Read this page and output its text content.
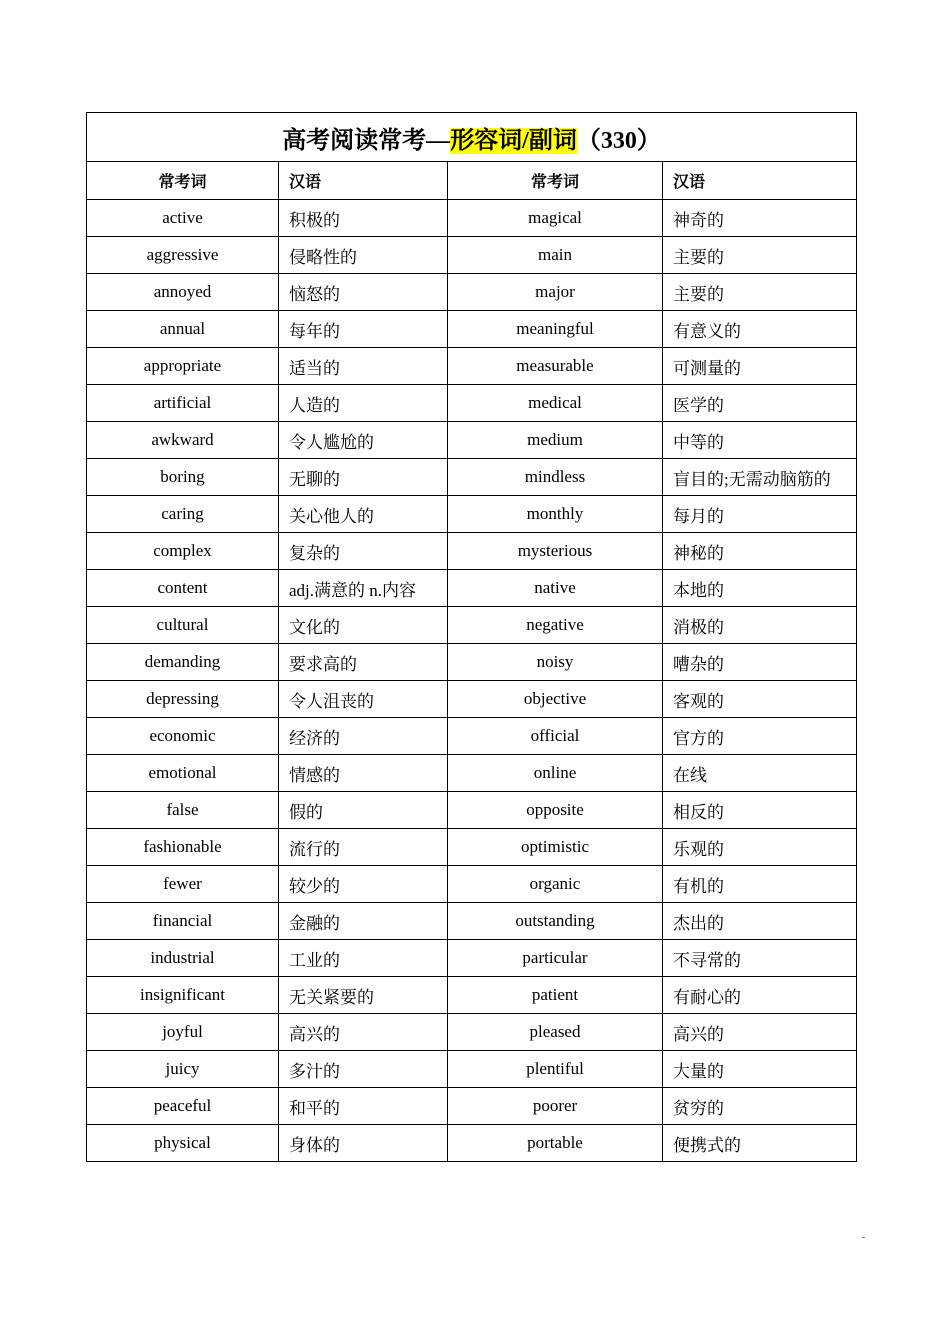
高考阅读常考—形容词/副词（330）			
常考词	汉语	常考词	汉语
active	积极的	magical	神奇的
aggressive	侵略性的	main	主要的
annoyed	恼怒的	major	主要的
annual	每年的	meaningful	有意义的
appropriate	适当的	measurable	可测量的
artificial	人造的	medical	医学的
awkward	令人尴尬的	medium	中等的
boring	无聊的	mindless	盲目的;无需动脑筋的
caring	关心他人的	monthly	每月的
complex	复杂的	mysterious	神秘的
content	adj.满意的 n.内容	native	本地的
cultural	文化的	negative	消极的
demanding	要求高的	noisy	嘈杂的
depressing	令人沮丧的	objective	客观的
economic	经济的	official	官方的
emotional	情感的	online	在线
false	假的	opposite	相反的
fashionable	流行的	optimistic	乐观的
fewer	较少的	organic	有机的
financial	金融的	outstanding	杰出的
industrial	工业的	particular	不寻常的
insignificant	无关紧要的	patient	有耐心的
joyful	高兴的	pleased	高兴的
juicy	多汁的	plentiful	大量的
peaceful	和平的	poorer	贫穷的
physical	身体的	portable	便携式的
-
